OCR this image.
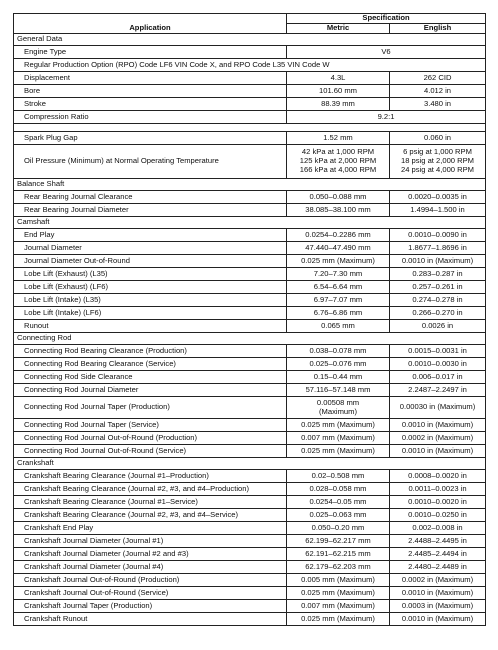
Application	Specification	
	Metric	English
General Data		
Engine Type	V6	
Regular Production Option (RPO) Code LF6 VIN Code X, and RPO Code L35 VIN Code W		
Displacement	4.3L	262 CID
Bore	101.60 mm	4.012 in
Stroke	88.39 mm	3.480 in
Compression Ratio	9.2:1	

Spark Plug Gap	1.52 mm	0.060 in
Oil Pressure (Minimum) at Normal Operating Temperature	42 kPa at 1,000 RPM
125 kPa at 2,000 RPM
166 kPa at 4,000 RPM	6 psig at 1,000 RPM
18 psig at 2,000 RPM
24 psig at 4,000 RPM

Balance Shaft		
Rear Bearing Journal Clearance	0.050–0.088 mm	0.0020–0.0035 in
Rear Bearing Journal Diameter	38.085–38.100 mm	1.4994–1.500 in
Camshaft		
End Play	0.0254–0.2286 mm	0.0010–0.0090 in
Journal Diameter	47.440–47.490 mm	1.8677–1.8696 in
Journal Diameter Out-of-Round	0.025 mm (Maximum)	0.0010 in (Maximum)
Lobe Lift (Exhaust) (L35)	7.20–7.30 mm	0.283–0.287 in
Lobe Lift (Exhaust) (LF6)	6.54–6.64 mm	0.257–0.261 in
Lobe Lift (Intake) (L35)	6.97–7.07 mm	0.274–0.278 in
Lobe Lift (Intake) (LF6)	6.76–6.86 mm	0.266–0.270 in
Runout	0.065 mm	0.0026 in
Connecting Rod		
Connecting Rod Bearing Clearance (Production)	0.038–0.078 mm	0.0015–0.0031 in
Connecting Rod Bearing Clearance (Service)	0.025–0.076 mm	0.0010–0.0030 in
Connecting Rod Side Clearance	0.15–0.44 mm	0.006–0.017 in
Connecting Rod Journal Diameter	57.116–57.148 mm	2.2487–2.2497 in
Connecting Rod Journal Taper (Production)	0.00508 mm
(Maximum)	0.00030 in (Maximum)
Connecting Rod Journal Taper (Service)	0.025 mm (Maximum)	0.0010 in (Maximum)
Connecting Rod Journal Out-of-Round (Production)	0.007 mm (Maximum)	0.0002 in (Maximum)
Connecting Rod Journal Out-of-Round (Service)	0.025 mm (Maximum)	0.0010 in (Maximum)
Crankshaft		
Crankshaft Bearing Clearance (Journal #1–Production)	0.02–0.508 mm	0.0008–0.0020 in
Crankshaft Bearing Clearance (Journal #2, #3, and #4–Production)	0.028–0.058 mm	0.0011–0.0023 in
Crankshaft Bearing Clearance (Journal #1–Service)	0.0254–0.05 mm	0.0010–0.0020 in
Crankshaft Bearing Clearance (Journal #2, #3, and #4–Service)	0.025–0.063 mm	0.0010–0.0250 in
Crankshaft End Play	0.050–0.20 mm	0.002–0.008 in
Crankshaft Journal Diameter (Journal #1)	62.199–62.217 mm	2.4488–2.4495 in
Crankshaft Journal Diameter (Journal #2 and #3)	62.191–62.215 mm	2.4485–2.4494 in
Crankshaft Journal Diameter (Journal #4)	62.179–62.203 mm	2.4480–2.4489 in
Crankshaft Journal Out-of-Round (Production)	0.005 mm (Maximum)	0.0002 in (Maximum)
Crankshaft Journal Out-of-Round (Service)	0.025 mm (Maximum)	0.0010 in (Maximum)
Crankshaft Journal Taper (Production)	0.007 mm (Maximum)	0.0003 in (Maximum)
Crankshaft Runout	0.025 mm (Maximum)	0.0010 in (Maximum)
